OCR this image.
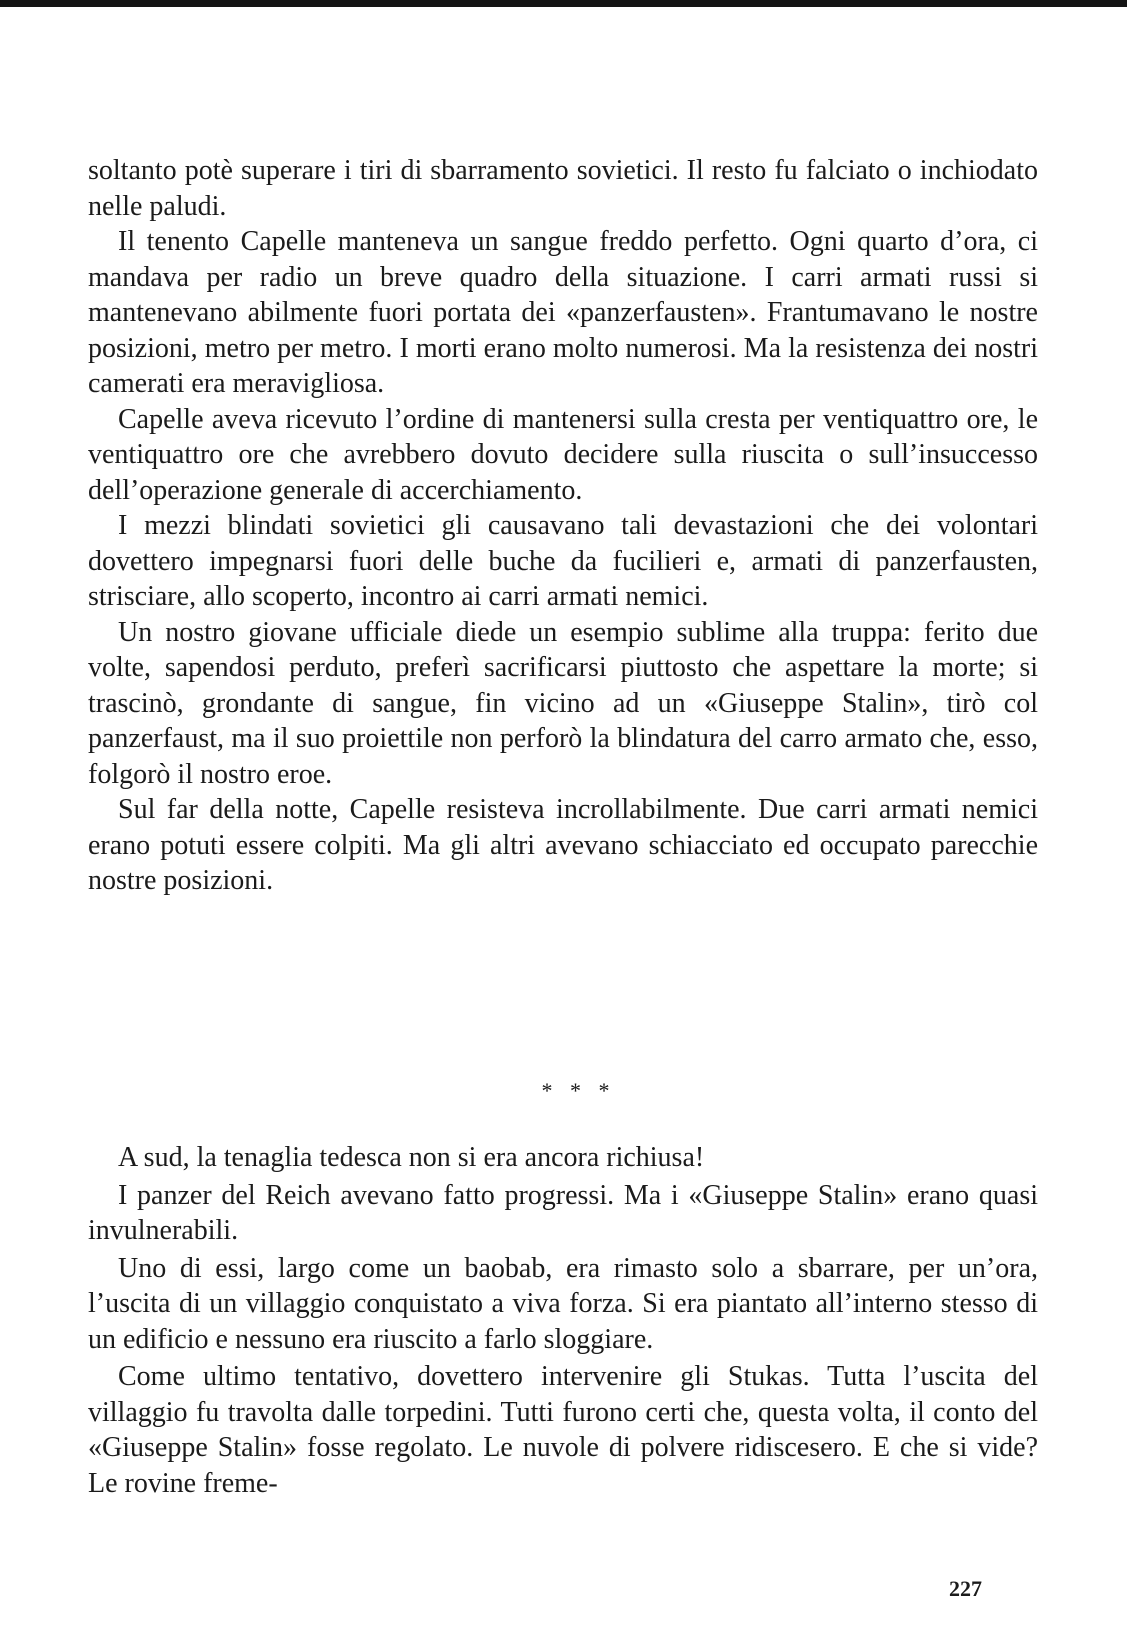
soltanto potè superare i tiri di sbarramento sovietici. Il resto fu falciato o inchiodato nelle paludi.

Il tenento Capelle manteneva un sangue freddo perfetto. Ogni quarto d’ora, ci mandava per radio un breve quadro della situazione. I carri armati russi si mantenevano abilmente fuori portata dei «panzerfausten». Frantumavano le nostre posizioni, metro per metro. I morti erano molto numerosi. Ma la resistenza dei nostri camerati era meravigliosa.

Capelle aveva ricevuto l’ordine di mantenersi sulla cresta per ventiquattro ore, le ventiquattro ore che avrebbero dovuto decidere sulla riuscita o sull’insuccesso dell’operazione generale di accerchiamento.

I mezzi blindati sovietici gli causavano tali devastazioni che dei volontari dovettero impegnarsi fuori delle buche da fucilieri e, armati di panzerfausten, strisciare, allo scoperto, incontro ai carri armati nemici.

Un nostro giovane ufficiale diede un esempio sublime alla truppa: ferito due volte, sapendosi perduto, preferì sacrificarsi piuttosto che aspettare la morte; si trascinò, grondante di sangue, fin vicino ad un «Giuseppe Stalin», tirò col panzerfaust, ma il suo proiettile non perforò la blindatura del carro armato che, esso, folgorò il nostro eroe.

Sul far della notte, Capelle resisteva incrollabilmente. Due carri armati nemici erano potuti essere colpiti. Ma gli altri avevano schiacciato ed occupato parecchie nostre posizioni.

* * *

A sud, la tenaglia tedesca non si era ancora richiusa!

I panzer del Reich avevano fatto progressi. Ma i «Giuseppe Stalin» erano quasi invulnerabili.

Uno di essi, largo come un baobab, era rimasto solo a sbarrare, per un’ora, l’uscita di un villaggio conquistato a viva forza. Si era piantato all’interno stesso di un edificio e nessuno era riuscito a farlo sloggiare.

Come ultimo tentativo, dovettero intervenire gli Stukas. Tutta l’uscita del villaggio fu travolta dalle torpedini. Tutti furono certi che, questa volta, il conto del «Giuseppe Stalin» fosse regolato. Le nuvole di polvere ridiscesero. E che si vide? Le rovine freme-

227
